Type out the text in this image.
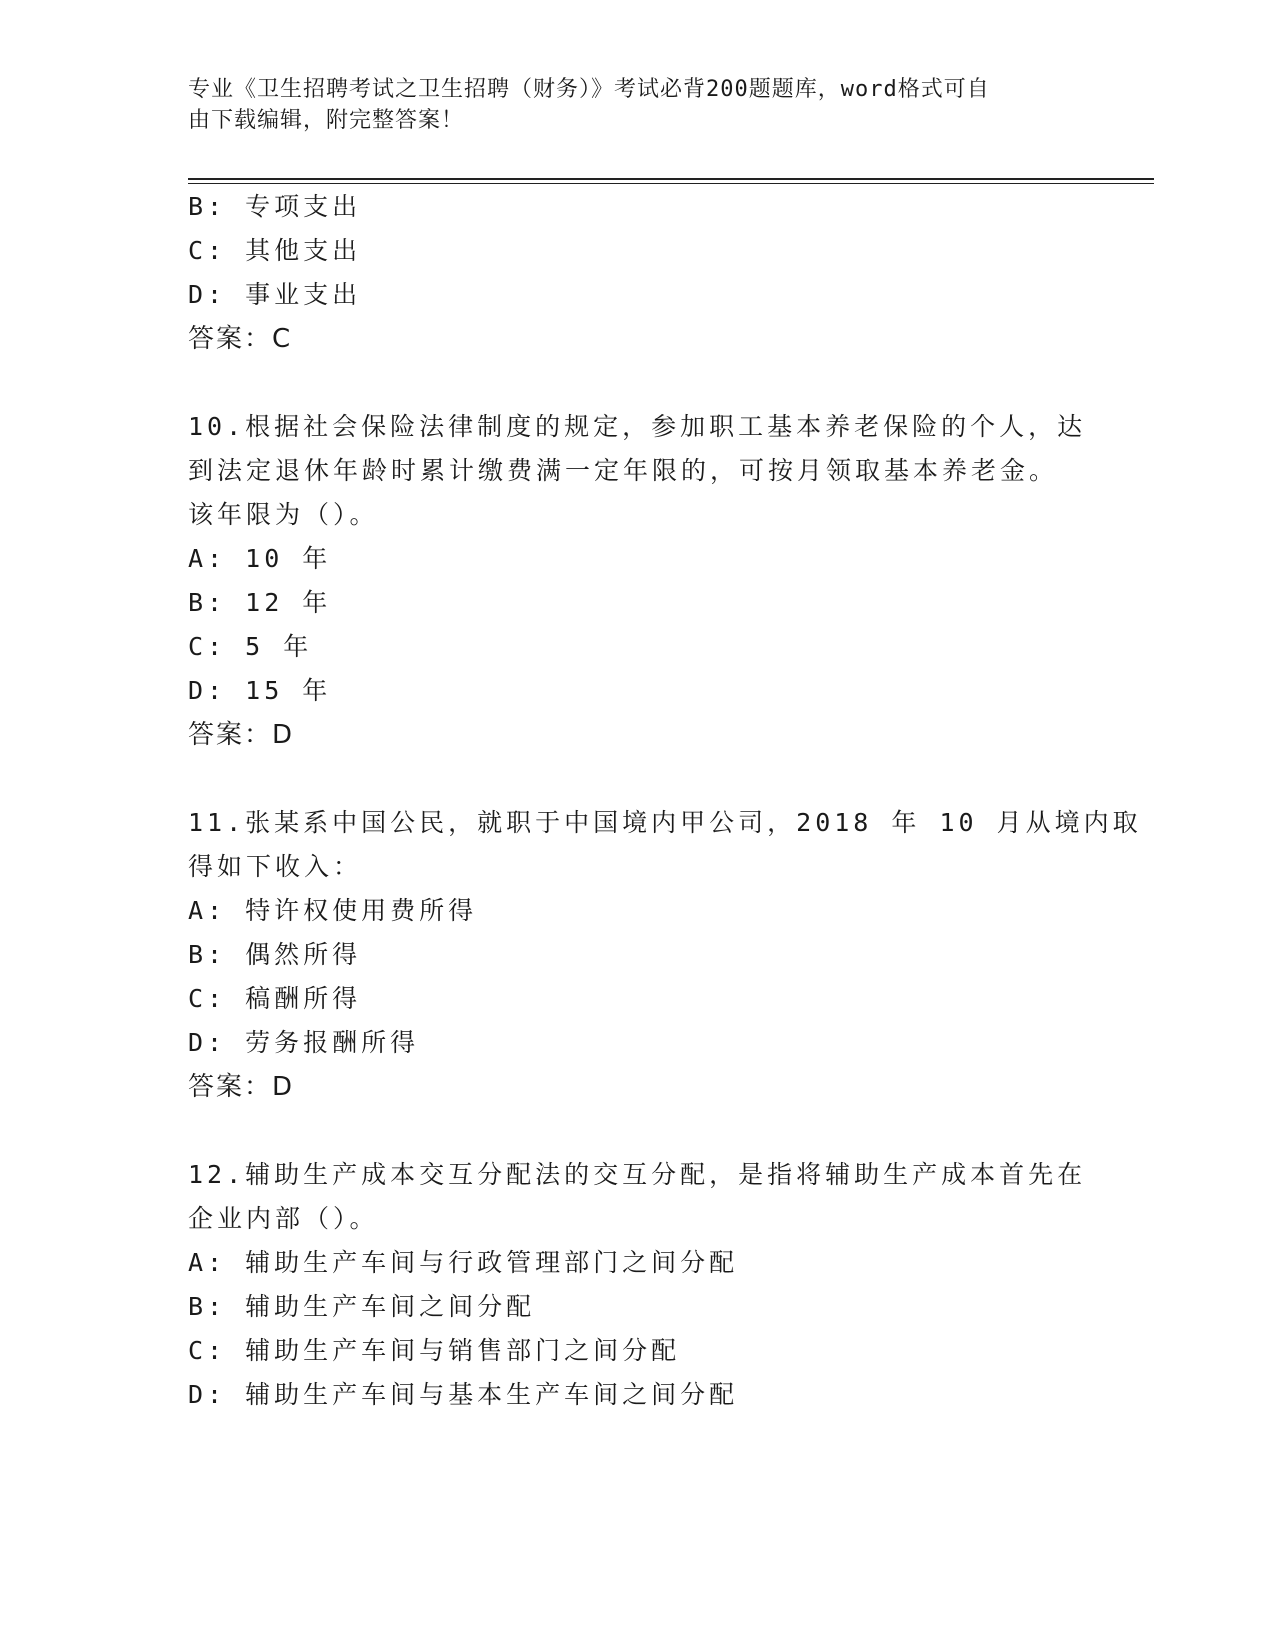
专业《卫生招聘考试之卫生招聘（财务）》考试必背200题题库，word格式可自
由下载编辑，附完整答案！
B: 专项支出
C: 其他支出
D: 事业支出
答案：C
10.根据社会保险法律制度的规定，参加职工基本养老保险的个人，达
到法定退休年龄时累计缴费满一定年限的，可按月领取基本养老金。
该年限为（）。
A: 10 年
B: 12 年
C: 5 年
D: 15 年
答案：D
11.张某系中国公民，就职于中国境内甲公司，2018 年 10 月从境内取
得如下收入：
A: 特许权使用费所得
B: 偶然所得
C: 稿酬所得
D: 劳务报酬所得
答案：D
12.辅助生产成本交互分配法的交互分配，是指将辅助生产成本首先在
企业内部（）。
A: 辅助生产车间与行政管理部门之间分配
B: 辅助生产车间之间分配
C: 辅助生产车间与销售部门之间分配
D: 辅助生产车间与基本生产车间之间分配
